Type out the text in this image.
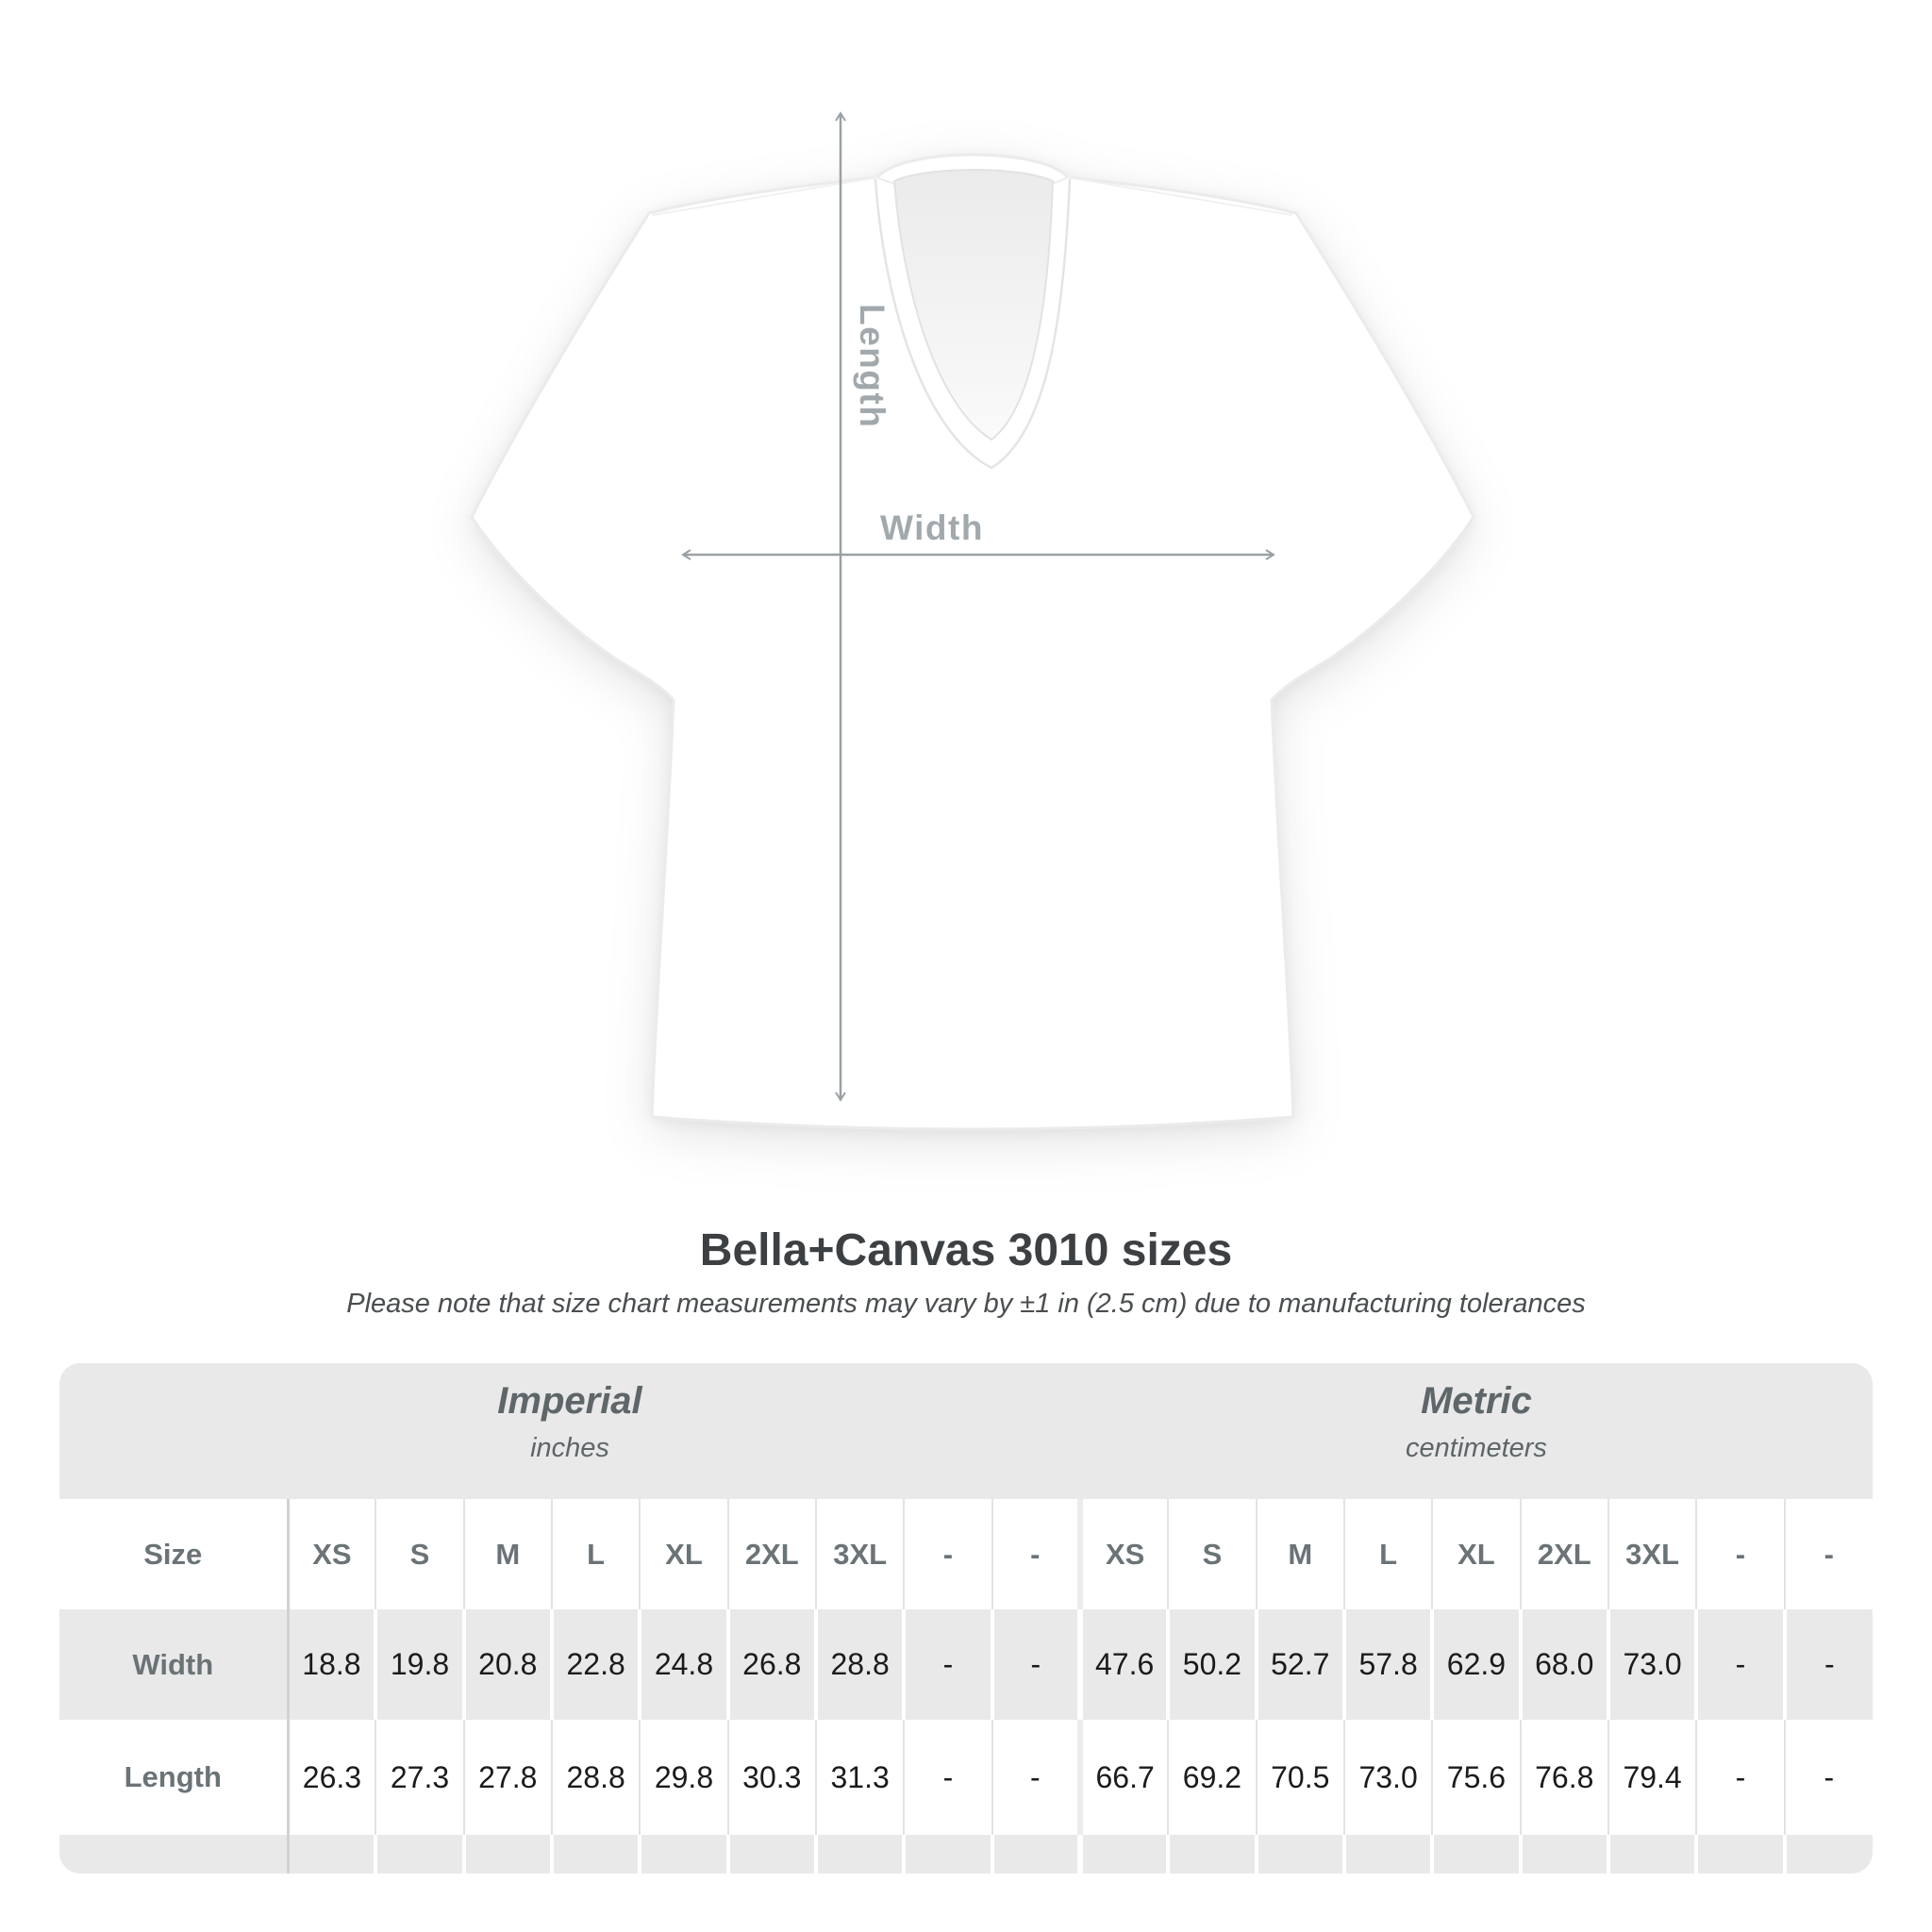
Length
Width
Bella+Canvas 3010 sizes
Please note that size chart measurements may vary by ±1 in (2.5 cm) due to manufacturing tolerances
Imperial
inches

Metric
centimeters

Size	XS	S	M	L	XL	2XL	3XL	-	-	XS	S	M	L	XL	2XL	3XL	-	-
Width	18.8	19.8	20.8	22.8	24.8	26.8	28.8	-	-	47.6	50.2	52.7	57.8	62.9	68.0	73.0	-	-
Length	26.3	27.3	27.8	28.8	29.8	30.3	31.3	-	-	66.7	69.2	70.5	73.0	75.6	76.8	79.4	-	-
